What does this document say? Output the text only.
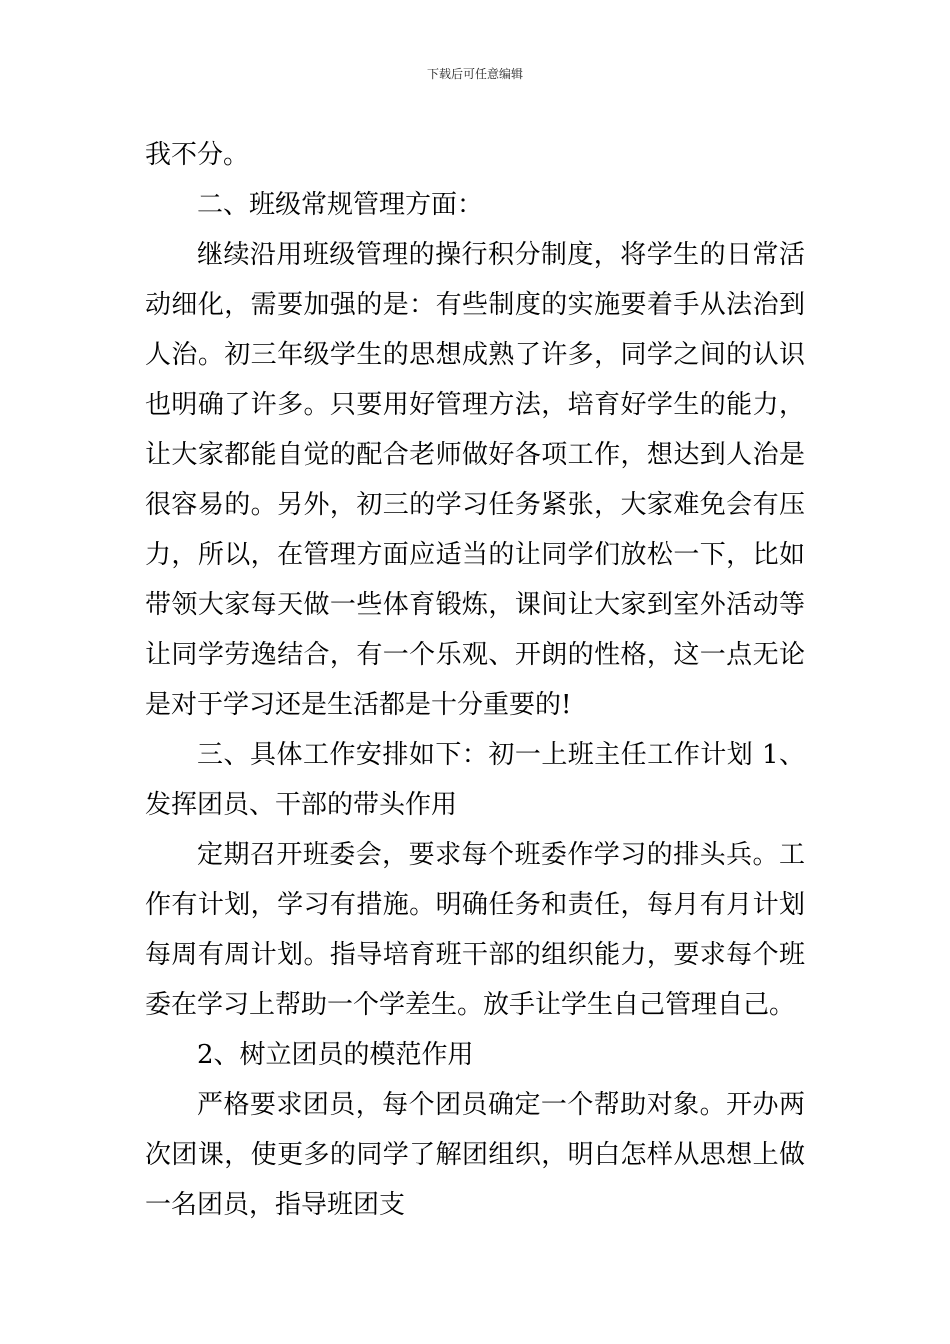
下载后可任意编辑

我不分。

二、班级常规管理方面：

继续沿用班级管理的操行积分制度，将学生的日常活动细化，需要加强的是：有些制度的实施要着手从法治到人治。初三年级学生的思想成熟了许多，同学之间的认识也明确了许多。只要用好管理方法，培育好学生的能力，让大家都能自觉的配合老师做好各项工作，想达到人治是很容易的。另外，初三的学习任务紧张，大家难免会有压力，所以，在管理方面应适当的让同学们放松一下，比如带领大家每天做一些体育锻炼，课间让大家到室外活动等让同学劳逸结合，有一个乐观、开朗的性格，这一点无论是对于学习还是生活都是十分重要的!

三、具体工作安排如下：初一上班主任工作计划 1、发挥团员、干部的带头作用

定期召开班委会，要求每个班委作学习的排头兵。工作有计划，学习有措施。明确任务和责任，每月有月计划每周有周计划。指导培育班干部的组织能力，要求每个班委在学习上帮助一个学差生。放手让学生自己管理自己。

2、树立团员的模范作用

严格要求团员，每个团员确定一个帮助对象。开办两次团课，使更多的同学了解团组织，明白怎样从思想上做一名团员，指导班团支
